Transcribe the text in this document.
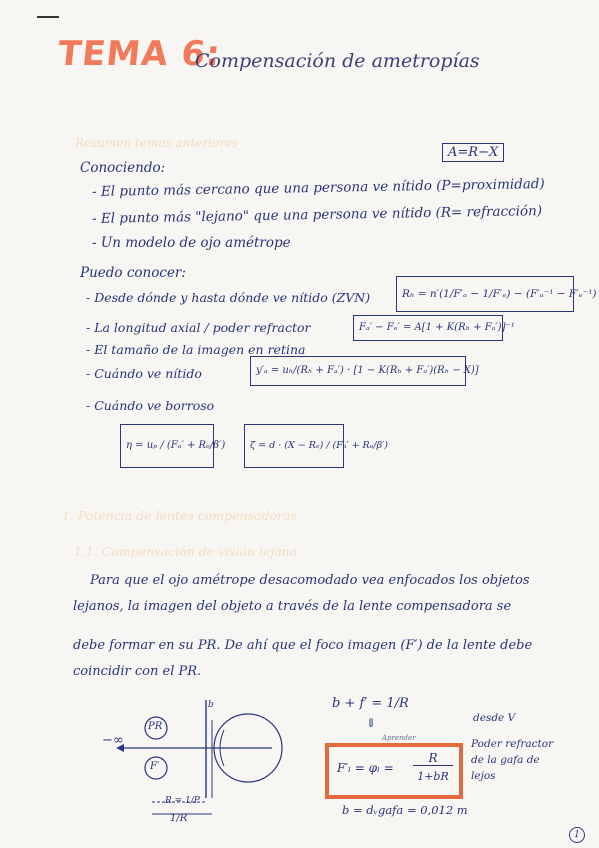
TEMA 6:
Compensación de ametropías
Resumen temas anteriores
A=R−X
Conociendo:
- El punto más cercano que una persona ve nítido (P=proximidad)
- El punto más "lejano" que una persona ve nítido (R= refracción)
- Un modelo de ojo amétrope
Puedo conocer:
- Desde dónde y hasta dónde ve nítido (ZVN)
- La longitud axial / poder refractor
- El tamaño de la imagen en retina
- Cuándo ve nítido
- Cuándo ve borroso
Rₕ = n′(1/F′ₐ − 1/F′ₑ) − (F′ₐ⁻¹ − F′ₑ⁻¹)
Fₐ′ − Fₑ′ = A[1 + K(Rₕ + Fₐ′)]⁻¹
y′ₐ = uₕ/(Rₕ + Fₐ′) · [1 − K(Rₕ + Fₐ′)(Rₕ − X)]
η = uₚ / (Fₐ′ + Rₑ/β′)	ζ = d · (X − Rₑ) / (Fₐ′ + Rₑ/β′)
1. Potencia de lentes compensadoras
1.1. Compensación de visión lejana
Para que el ojo amétrope desacomodado vea enfocados los objetos
lejanos, la imagen del objeto a través de la lente compensadora se
debe formar en su PR. De ahí que el foco imagen (F′) de la lente debe
coincidir con el PR.
−∞
PR
F′
b
R = 1/P
1/R
b + f′ = 1/R
⇓
Aprender
F′ₗ = φₗ =
R
1+bR
desde V
Poder refractor
de la gafa de
lejos
b = dᵥgafa = 0,012 m
1
